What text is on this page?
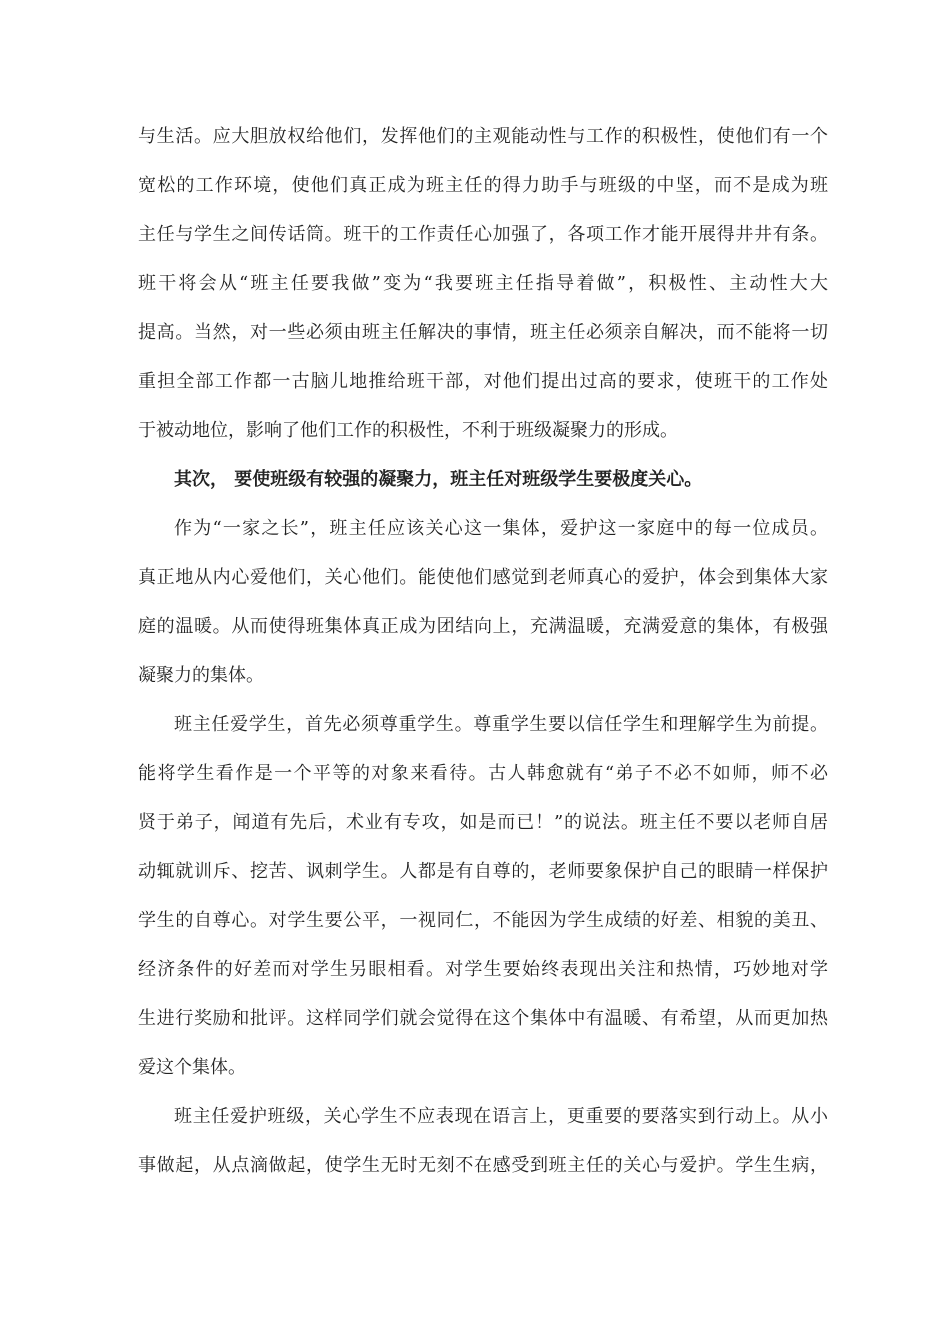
与生活。应大胆放权给他们，发挥他们的主观能动性与工作的积极性，使他们有一个
宽松的工作环境，使他们真正成为班主任的得力助手与班级的中坚，而不是成为班
主任与学生之间传话筒。班干的工作责任心加强了，各项工作才能开展得井井有条。
班干将会从“班主任要我做”变为“我要班主任指导着做”，积极性、主动性大大
提高。当然，对一些必须由班主任解决的事情，班主任必须亲自解决，而不能将一切
重担全部工作都一古脑儿地推给班干部，对他们提出过高的要求，使班干的工作处
于被动地位，影响了他们工作的积极性，不利于班级凝聚力的形成。
其次， 要使班级有较强的凝聚力，班主任对班级学生要极度关心。
作为“一家之长”，班主任应该关心这一集体，爱护这一家庭中的每一位成员。
真正地从内心爱他们，关心他们。能使他们感觉到老师真心的爱护，体会到集体大家
庭的温暖。从而使得班集体真正成为团结向上，充满温暖，充满爱意的集体，有极强
凝聚力的集体。
班主任爱学生，首先必须尊重学生。尊重学生要以信任学生和理解学生为前提。
能将学生看作是一个平等的对象来看待。古人韩愈就有“弟子不必不如师，师不必
贤于弟子，闻道有先后，术业有专攻，如是而已！”的说法。班主任不要以老师自居
动辄就训斥、挖苦、讽刺学生。人都是有自尊的，老师要象保护自己的眼睛一样保护
学生的自尊心。对学生要公平，一视同仁，不能因为学生成绩的好差、相貌的美丑、
经济条件的好差而对学生另眼相看。对学生要始终表现出关注和热情，巧妙地对学
生进行奖励和批评。这样同学们就会觉得在这个集体中有温暖、有希望，从而更加热
爱这个集体。
班主任爱护班级，关心学生不应表现在语言上，更重要的要落实到行动上。从小
事做起，从点滴做起，使学生无时无刻不在感受到班主任的关心与爱护。学生生病，
